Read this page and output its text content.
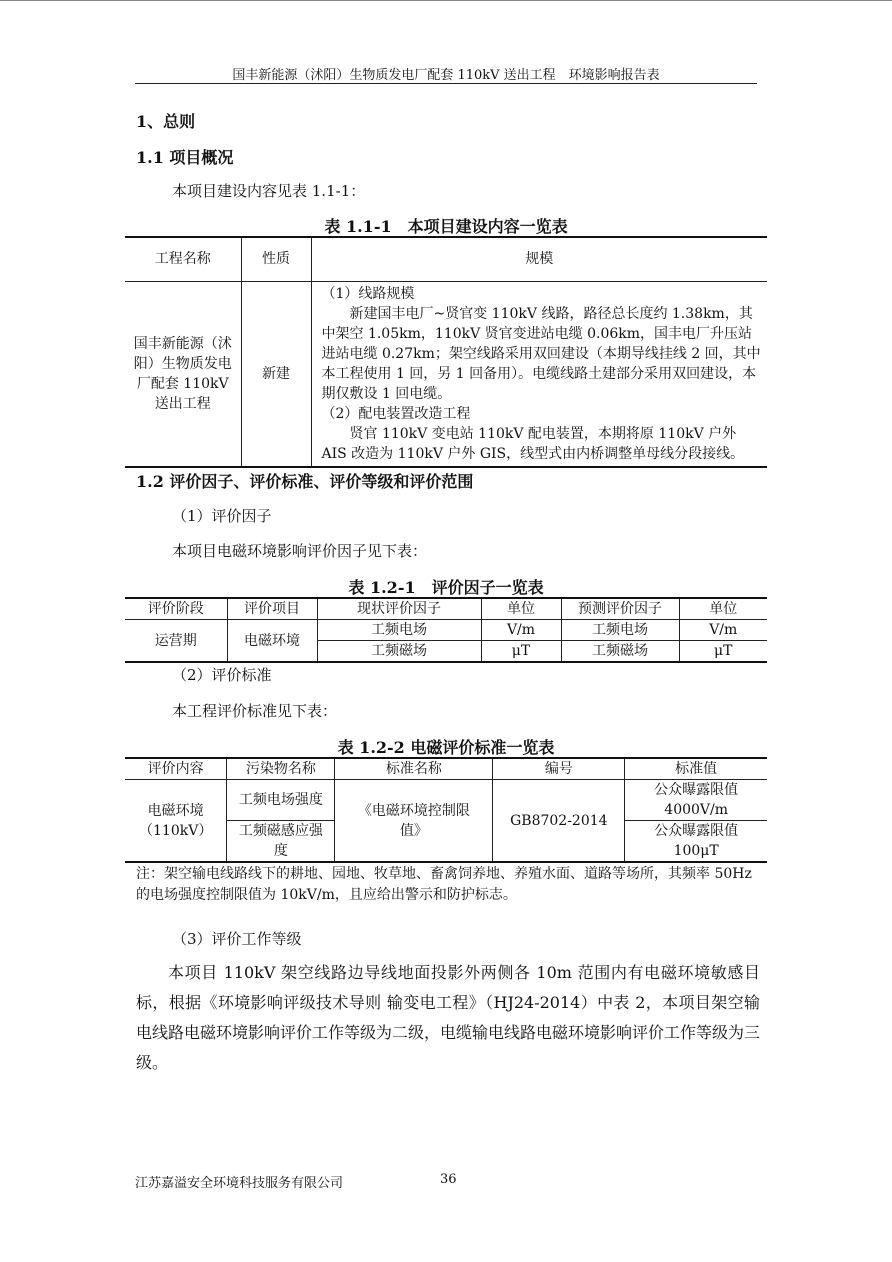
国丰新能源（沭阳）生物质发电厂配套 110kV 送出工程　环境影响报告表
1、总则
1.1 项目概况
本项目建设内容见表 1.1-1：
表 1.1-1　本项目建设内容一览表
工程名称	性质	规模
国丰新能源（沭阳）生物质发电厂配套 110kV 送出工程	新建	（1）线路规模
新建国丰电厂~贤官变 110kV 线路，路径总长度约 1.38km，其中架空 1.05km，110kV 贤官变进站电缆 0.06km，国丰电厂升压站进站电缆 0.27km；架空线路采用双回建设（本期导线挂线 2 回，其中本工程使用 1 回，另 1 回备用）。电缆线路土建部分采用双回建设，本期仅敷设 1 回电缆。
（2）配电装置改造工程
贤官 110kV 变电站 110kV 配电装置，本期将原 110kV 户外 AIS 改造为 110kV 户外 GIS，线型式由内桥调整单母线分段接线。
1.2 评价因子、评价标准、评价等级和评价范围
（1）评价因子
本项目电磁环境影响评价因子见下表：
表 1.2-1　评价因子一览表
评价阶段	评价项目	现状评价因子	单位	预测评价因子	单位
运营期	电磁环境	工频电场	V/m	工频电场	V/m
		工频磁场	μT	工频磁场	μT
（2）评价标准
本工程评价标准见下表：
表 1.2-2 电磁评价标准一览表
评价内容	污染物名称	标准名称	编号	标准值
电磁环境（110kV）	工频电场强度	《电磁环境控制限值》	GB8702-2014	公众曝露限值 4000V/m
	工频磁感应强度			公众曝露限值 100μT
注：架空输电线路线下的耕地、园地、牧草地、畜禽饲养地、养殖水面、道路等场所，其频率 50Hz 的电场强度控制限值为 10kV/m，且应给出警示和防护标志。
（3）评价工作等级
本项目 110kV 架空线路边导线地面投影外两侧各 10m 范围内有电磁环境敏感目标，根据《环境影响评级技术导则 输变电工程》（HJ24-2014）中表 2，本项目架空输电线路电磁环境影响评价工作等级为二级，电缆输电线路电磁环境影响评价工作等级为三级。
江苏嘉溢安全环境科技服务有限公司	36
